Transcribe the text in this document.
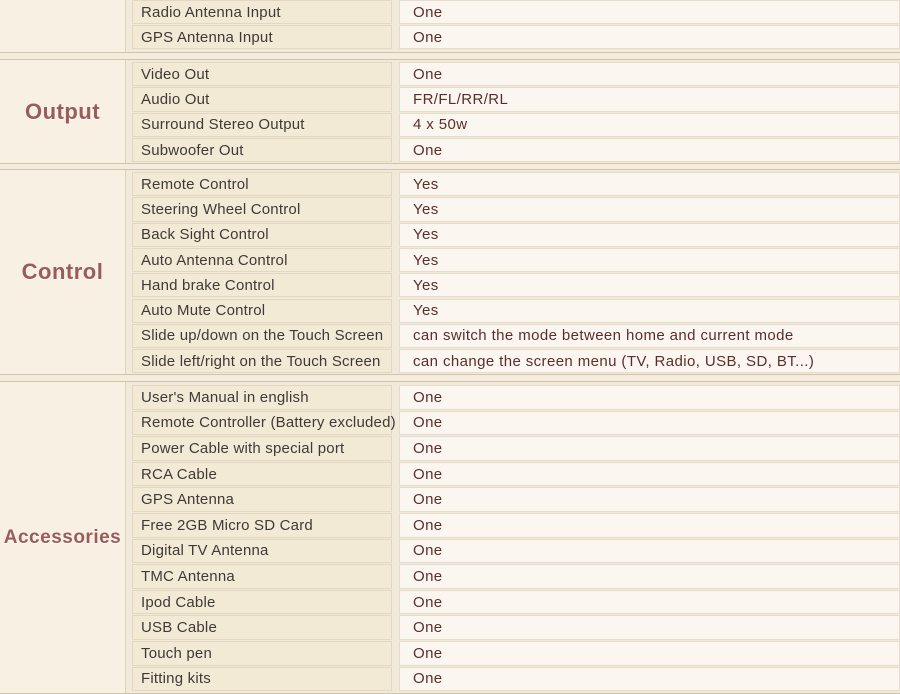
One
Radio Antenna Input
One
GPS Antenna Input
Output
One
Video Out
FR/FL/RR/RL
Audio Out
4 x 50w
Surround Stereo Output
One
Subwoofer Out
Control
Yes
Remote Control
Yes
Steering Wheel Control
Yes
Back Sight Control
Yes
Auto Antenna Control
Yes
Hand brake Control
Yes
Auto Mute Control
can switch the mode between home and current mode
Slide up/down on the Touch Screen
can change the screen menu (TV, Radio, USB, SD, BT...)
Slide left/right on the Touch Screen
Accessories
One
User's Manual in english
One
Remote Controller (Battery excluded)
One
Power Cable with special port
One
RCA Cable
One
GPS Antenna
One
Free 2GB Micro SD Card
One
Digital TV Antenna
One
TMC Antenna
One
Ipod Cable
One
USB Cable
One
Touch pen
One
Fitting kits
